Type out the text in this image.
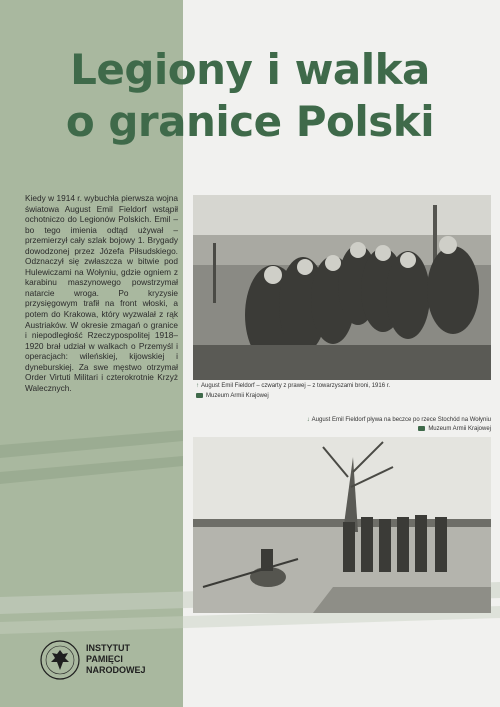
Legiony i walka
o granice Polski
Kiedy w 1914 r. wybuchła pierwsza wojna światowa August Emil Fieldorf wstąpił ochotniczo do Legionów Polskich. Emil – bo tego imienia odtąd używał – przemierzył cały szlak bojowy 1. Brygady dowodzonej przez Józefa Piłsudskiego. Odznaczył się zwłaszcza w bitwie pod Hulewiczami na Wołyniu, gdzie ogniem z karabinu maszynowego powstrzymał natarcie wroga. Po kryzysie przysięgowym trafił na front włoski, a potem do Krakowa, który wyzwalał z rąk Austriaków. W okresie zmagań o granice i niepodległość Rzeczypospolitej 1918–1920 brał udział w walkach o Przemyśl i operacjach: wileńskiej, kijowskiej i dyneburskiej. Za swe męstwo otrzymał Order Virtuti Militari i czterokrotnie Krzyż Walecznych.	↑ August Emil Fieldorf – czwarty z prawej – z towarzyszami broni, 1916 r.
Muzeum Armii Krajowej
↓ August Emil Fieldorf pływa na beczce po rzece Stochód na Wołyniu
Muzeum Armii Krajowej
INSTYTUT
PAMIĘCI
NARODOWEJ
